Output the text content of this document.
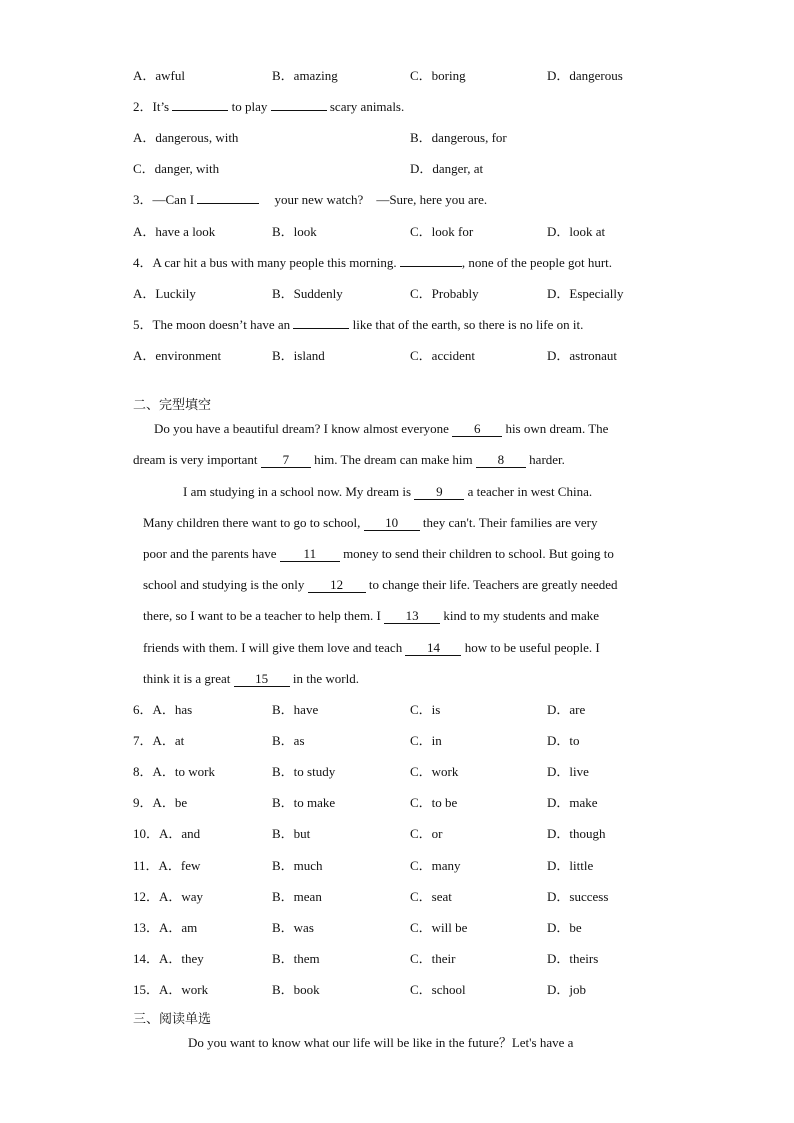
A．awful	B．amazing	C．boring	D．dangerous
2．It’s	to play	scary animals.
A．dangerous, with	B．dangerous, for
C．danger, with	D．danger, at
3．—Can I	your new watch?　—Sure, here you are.
A．have a look	B．look	C．look for	D．look at
4．A car hit a bus with many people this morning.	, none of the people got hurt.
A．Luckily	B．Suddenly	C．Probably	D．Especially
5．The moon doesn’t have an	like that of the earth, so there is no life on it.
A．environment	B．island	C．accident	D．astronaut
二、完型填空
Do you have a beautiful dream? I know almost everyone 6 his own dream. The
dream is very important 7 him. The dream can make him 8 harder.
I am studying in a school now. My dream is 9 a teacher in west China.
Many children there want to go to school, 10 they can't. Their families are very
poor and the parents have 11 money to send their children to school. But going to
school and studying is the only 12 to change their life. Teachers are greatly needed
there, so I want to be a teacher to help them. I 13 kind to my students and make
friends with them. I will give them love and teach 14 how to be useful people. I
think it is a great 15 in the world.
6．A．has	B．have	C．is	D．are
7．A．at	B．as	C．in	D．to
8．A．to work	B．to study	C．work	D．live
9．A．be	B．to make	C．to be	D．make
10．A．and	B．but	C．or	D．though
11．A．few	B．much	C．many	D．little
12．A．way	B．mean	C．seat	D．success
13．A．am	B．was	C．will be	D．be
14．A．they	B．them	C．their	D．theirs
15．A．work	B．book	C．school	D．job
三、阅读单选
Do you want to know what our life will be like in the future？Let's have a
